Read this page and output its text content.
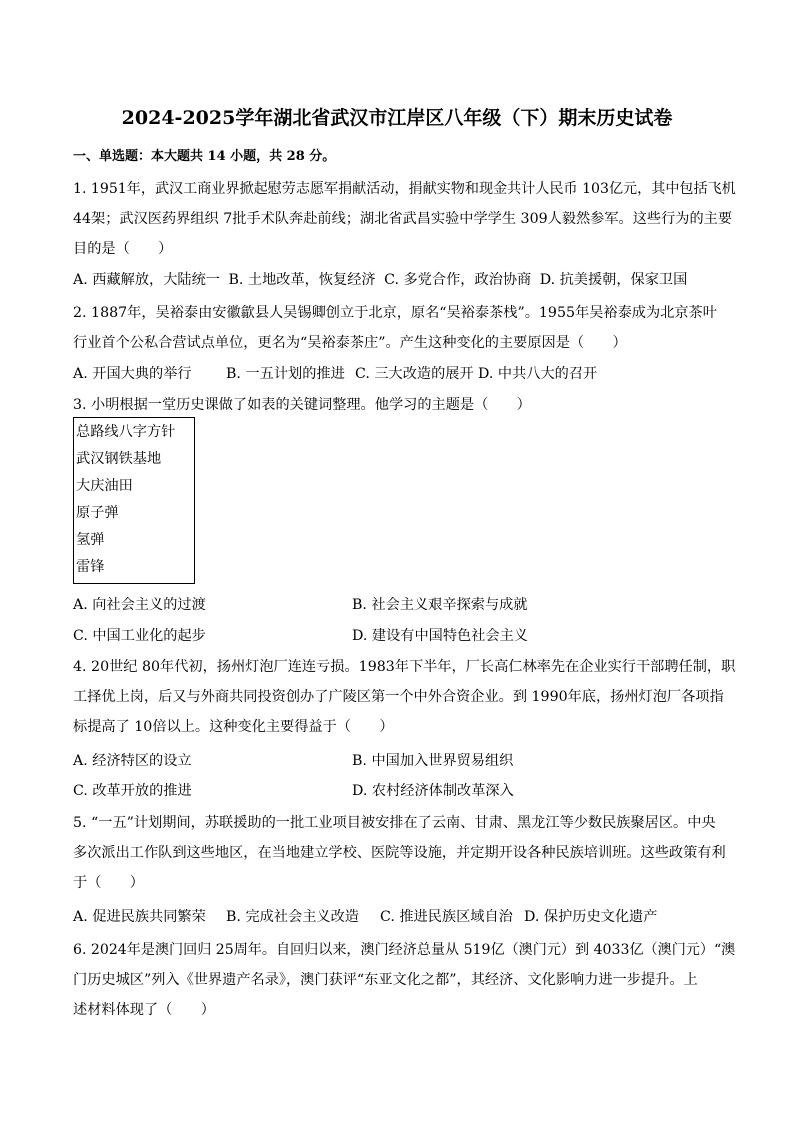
2024-2025学年湖北省武汉市江岸区八年级（下）期末历史试卷
一、单选题：本大题共 14 小题，共 28 分。
1. 1951年，武汉工商业界掀起慰劳志愿军捐献活动，捐献实物和现金共计人民币 103亿元，其中包括飞机
44架；武汉医药界组织 7批手术队奔赴前线；湖北省武昌实验中学学生 309人毅然参军。这些行为的主要
目的是（　　）
A. 西藏解放，大陆统一 B. 土地改革，恢复经济 C. 多党合作，政治协商 D. 抗美援朝，保家卫国
2. 1887年，吴裕泰由安徽歙县人吴锡卿创立于北京，原名“吴裕泰茶栈”。1955年吴裕泰成为北京茶叶
行业首个公私合营试点单位，更名为“吴裕泰茶庄”。产生这种变化的主要原因是（　　）
A. 开国大典的举行 B. 一五计划的推进 C. 三大改造的展开 D. 中共八大的召开
3. 小明根据一堂历史课做了如表的关键词整理。他学习的主题是（　　）
总路线八字方针
武汉钢铁基地
大庆油田
原子弹
氢弹
雷锋
A. 向社会主义的过渡	B. 社会主义艰辛探索与成就
C. 中国工业化的起步	D. 建设有中国特色社会主义
4. 20世纪 80年代初，扬州灯泡厂连连亏损。1983年下半年，厂长高仁林率先在企业实行干部聘任制，职
工择优上岗，后又与外商共同投资创办了广陵区第一个中外合资企业。到 1990年底，扬州灯泡厂各项指
标提高了 10倍以上。这种变化主要得益于（　　）
A. 经济特区的设立	B. 中国加入世界贸易组织
C. 改革开放的推进	D. 农村经济体制改革深入
5. “一五”计划期间，苏联援助的一批工业项目被安排在了云南、甘肃、黑龙江等少数民族聚居区。中央
多次派出工作队到这些地区，在当地建立学校、医院等设施，并定期开设各种民族培训班。这些政策有利
于（　　）
A. 促进民族共同繁荣 B. 完成社会主义改造 C. 推进民族区域自治 D. 保护历史文化遗产
6. 2024年是澳门回归 25周年。自回归以来，澳门经济总量从 519亿（澳门元）到 4033亿（澳门元）“澳
门历史城区”列入《世界遗产名录》，澳门获评“东亚文化之都”，其经济、文化影响力进一步提升。上
述材料体现了（　　）
